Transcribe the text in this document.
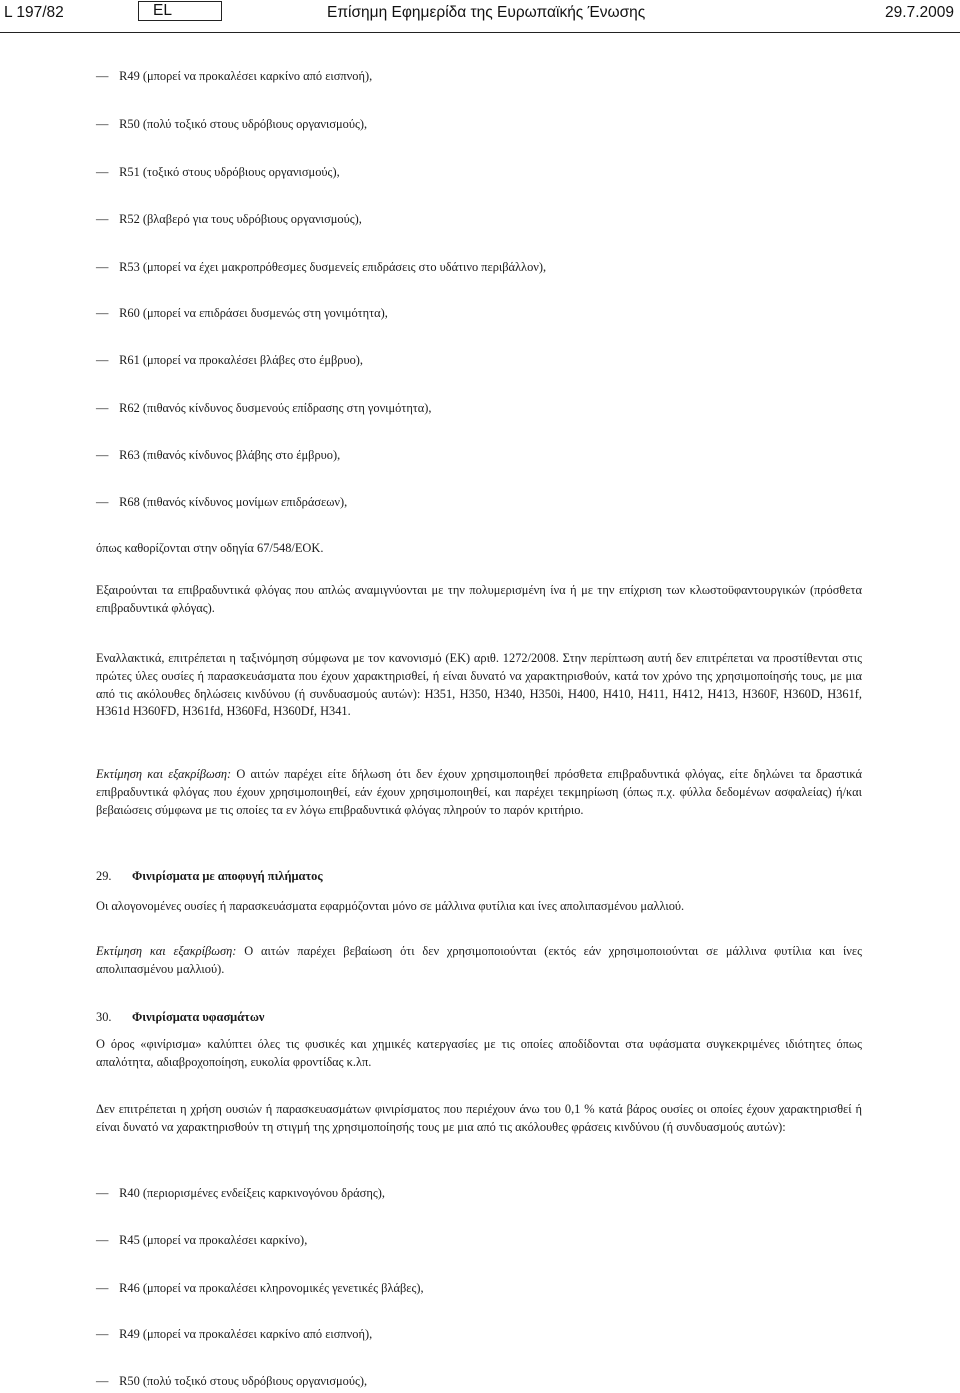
L 197/82	EL	Επίσημη Εφημερίδα της Ευρωπαϊκής Ένωσης	29.7.2009
— R49 (μπορεί να προκαλέσει καρκίνο από εισπνοή),
— R50 (πολύ τοξικό στους υδρόβιους οργανισμούς),
— R51 (τοξικό στους υδρόβιους οργανισμούς),
— R52 (βλαβερό για τους υδρόβιους οργανισμούς),
— R53 (μπορεί να έχει μακροπρόθεσμες δυσμενείς επιδράσεις στο υδάτινο περιβάλλον),
— R60 (μπορεί να επιδράσει δυσμενώς στη γονιμότητα),
— R61 (μπορεί να προκαλέσει βλάβες στο έμβρυο),
— R62 (πιθανός κίνδυνος δυσμενούς επίδρασης στη γονιμότητα),
— R63 (πιθανός κίνδυνος βλάβης στο έμβρυο),
— R68 (πιθανός κίνδυνος μονίμων επιδράσεων),
όπως καθορίζονται στην οδηγία 67/548/ΕΟΚ.
Εξαιρούνται τα επιβραδυντικά φλόγας που απλώς αναμιγνύονται με την πολυμερισμένη ίνα ή με την επίχριση των κλωστοϋφαντουργικών (πρόσθετα επιβραδυντικά φλόγας).
Εναλλακτικά, επιτρέπεται η ταξινόμηση σύμφωνα με τον κανονισμό (ΕΚ) αριθ. 1272/2008. Στην περίπτωση αυτή δεν επιτρέπεται να προστίθενται στις πρώτες ύλες ουσίες ή παρασκευάσματα που έχουν χαρακτηρισθεί, ή είναι δυνατό να χαρακτηρισθούν, κατά τον χρόνο της χρησιμοποίησής τους, με μια από τις ακόλουθες δηλώσεις κινδύνου (ή συνδυασμούς αυτών): H351, H350, H340, H350i, H400, H410, H411, H412, H413, H360F, H360D, H361f, H361d H360FD, H361fd, H360Fd, H360Df, H341.
Εκτίμηση και εξακρίβωση: Ο αιτών παρέχει είτε δήλωση ότι δεν έχουν χρησιμοποιηθεί πρόσθετα επιβραδυντικά φλόγας, είτε δηλώνει τα δραστικά επιβραδυντικά φλόγας που έχουν χρησιμοποιηθεί, εάν έχουν χρησιμοποιηθεί, και παρέχει τεκμηρίωση (όπως π.χ. φύλλα δεδομένων ασφαλείας) ή/και βεβαιώσεις σύμφωνα με τις οποίες τα εν λόγω επιβραδυντικά φλόγας πληρούν το παρόν κριτήριο.
29. Φινιρίσματα με αποφυγή πιλήματος
Οι αλογονομένες ουσίες ή παρασκευάσματα εφαρμόζονται μόνο σε μάλλινα φυτίλια και ίνες απολιπασμένου μαλλιού.
Εκτίμηση και εξακρίβωση: Ο αιτών παρέχει βεβαίωση ότι δεν χρησιμοποιούνται (εκτός εάν χρησιμοποιούνται σε μάλλινα φυτίλια και ίνες απολιπασμένου μαλλιού).
30. Φινιρίσματα υφασμάτων
Ο όρος «φινίρισμα» καλύπτει όλες τις φυσικές και χημικές κατεργασίες με τις οποίες αποδίδονται στα υφάσματα συγκεκριμένες ιδιότητες όπως απαλότητα, αδιαβροχοποίηση, ευκολία φροντίδας κ.λπ.
Δεν επιτρέπεται η χρήση ουσιών ή παρασκευασμάτων φινιρίσματος που περιέχουν άνω του 0,1 % κατά βάρος ουσίες οι οποίες έχουν χαρακτηρισθεί ή είναι δυνατό να χαρακτηρισθούν τη στιγμή της χρησιμοποίησής τους με μια από τις ακόλουθες φράσεις κινδύνου (ή συνδυασμούς αυτών):
— R40 (περιορισμένες ενδείξεις καρκινογόνου δράσης),
— R45 (μπορεί να προκαλέσει καρκίνο),
— R46 (μπορεί να προκαλέσει κληρονομικές γενετικές βλάβες),
— R49 (μπορεί να προκαλέσει καρκίνο από εισπνοή),
— R50 (πολύ τοξικό στους υδρόβιους οργανισμούς),
